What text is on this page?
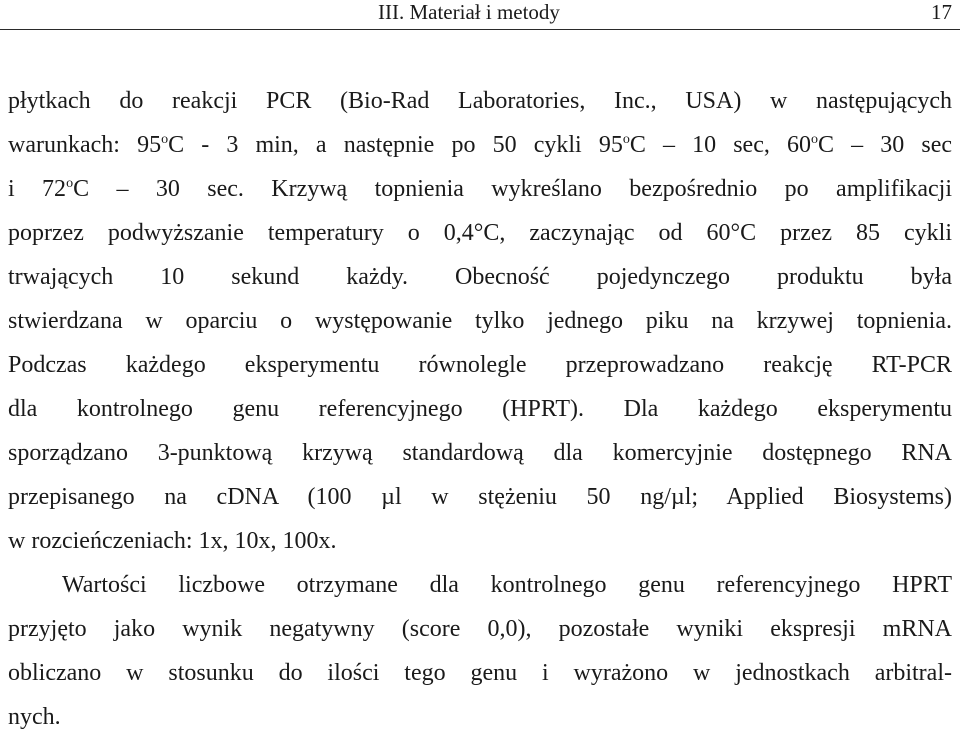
III. Materiał i metody	17
płytkach do reakcji PCR (Bio-Rad Laboratories, Inc., USA) w następujących
warunkach: 95$^o$C - 3 min, a następnie po 50 cykli 95$^o$C – 10 sec, 60$^o$C – 30 sec
i 72$^o$C – 30 sec. Krzywą topnienia wykreślano bezpośrednio po amplifikacji
poprzez podwyższanie temperatury o 0,4°C, zaczynając od 60°C przez 85 cykli
trwających 10 sekund każdy. Obecność pojedynczego produktu była
stwierdzana w oparciu o występowanie tylko jednego piku na krzywej topnienia.
Podczas każdego eksperymentu równolegle przeprowadzano reakcję RT-PCR
dla kontrolnego genu referencyjnego (HPRT). Dla każdego eksperymentu
sporządzano 3-punktową krzywą standardową dla komercyjnie dostępnego RNA
przepisanego na cDNA (100 µl w stężeniu 50 ng/µl; Applied Biosystems)
w rozcieńczeniach: 1x, 10x, 100x.
Wartości liczbowe otrzymane dla kontrolnego genu referencyjnego HPRT
przyjęto jako wynik negatywny (score 0,0), pozostałe wyniki ekspresji mRNA
obliczano w stosunku do ilości tego genu i wyrażono w jednostkach arbitral-
nych.
